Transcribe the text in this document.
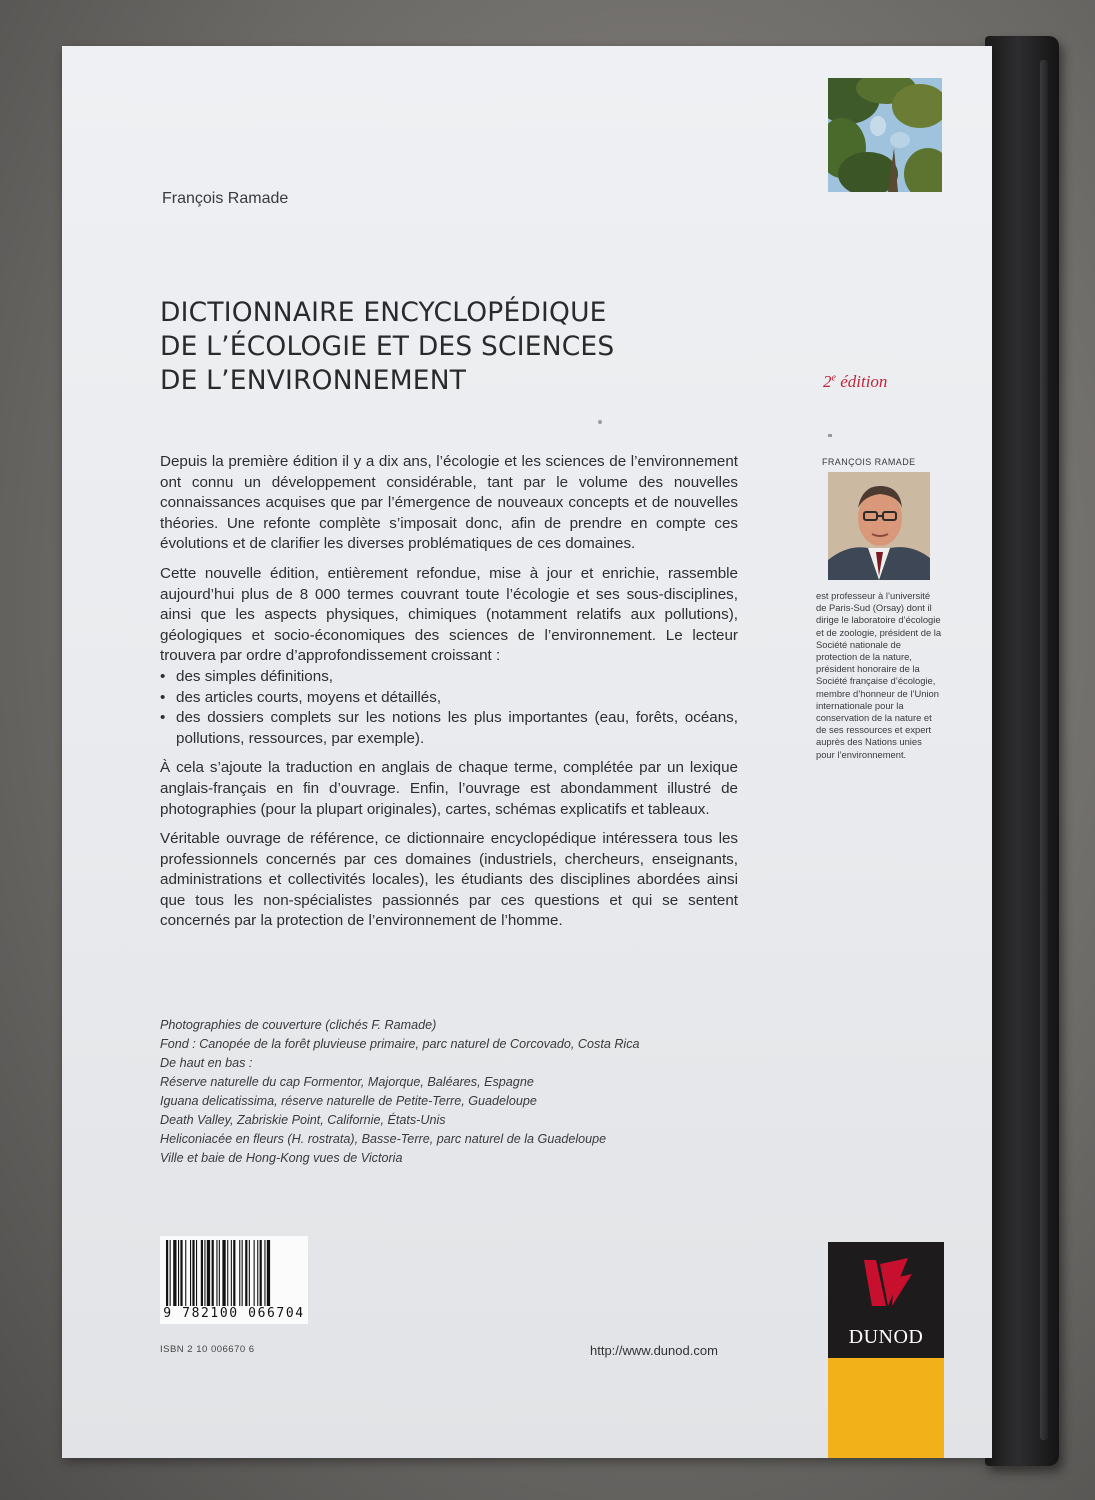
François Ramade
DICTIONNAIRE ENCYCLOPÉDIQUE
DE L’ÉCOLOGIE ET DES SCIENCES
DE L’ENVIRONNEMENT	2e édition

Depuis la première édition il y a dix ans, l’écologie et les sciences de l’environnement ont connu un développement considérable, tant par le volume des nouvelles connaissances acquises que par l’émergence de nouveaux concepts et de nouvelles théories. Une refonte complète s’imposait donc, afin de prendre en compte ces évolutions et de clarifier les diverses problématiques de ces domaines.

Cette nouvelle édition, entièrement refondue, mise à jour et enrichie, rassemble aujourd’hui plus de 8 000 termes couvrant toute l’écologie et ses sous-disciplines, ainsi que les aspects physiques, chimiques (notamment relatifs aux pollutions), géologiques et socio-économiques des sciences de l’environnement. Le lecteur trouvera par ordre d’approfondissement croissant :

• des simples définitions,
• des articles courts, moyens et détaillés,
• des dossiers complets sur les notions les plus importantes (eau, forêts, océans, pollutions, ressources, par exemple).

À cela s’ajoute la traduction en anglais de chaque terme, complétée par un lexique anglais-français en fin d’ouvrage. Enfin, l’ouvrage est abondamment illustré de photographies (pour la plupart originales), cartes, schémas explicatifs et tableaux.

Véritable ouvrage de référence, ce dictionnaire encyclopédique intéressera tous les professionnels concernés par ces domaines (industriels, chercheurs, enseignants, administrations et collectivités locales), les étudiants des disciplines abordées ainsi que tous les non-spécialistes passionnés par ces questions et qui se sentent concernés par la protection de l’environnement de l’homme.

Photographies de couverture (clichés F. Ramade)
Fond : Canopée de la forêt pluvieuse primaire, parc naturel de Corcovado, Costa Rica
De haut en bas :
Réserve naturelle du cap Formentor, Majorque, Baléares, Espagne
Iguana delicatissima, réserve naturelle de Petite-Terre, Guadeloupe
Death Valley, Zabriskie Point, Californie, États-Unis
Heliconiacée en fleurs (H. rostrata), Basse-Terre, parc naturel de la Guadeloupe
Ville et baie de Hong-Kong vues de Victoria
9 782100 066704
ISBN 2 10 006670 6	http://www.dunod.com
FRANÇOIS RAMADE
est professeur à l’université de Paris-Sud (Orsay) dont il dirige le laboratoire d’écologie et de zoologie, président de la Société nationale de protection de la nature, président honoraire de la Société française d’écologie, membre d’honneur de l’Union internationale pour la conservation de la nature et de ses ressources et expert auprès des Nations unies pour l’environnement.
DUNOD
